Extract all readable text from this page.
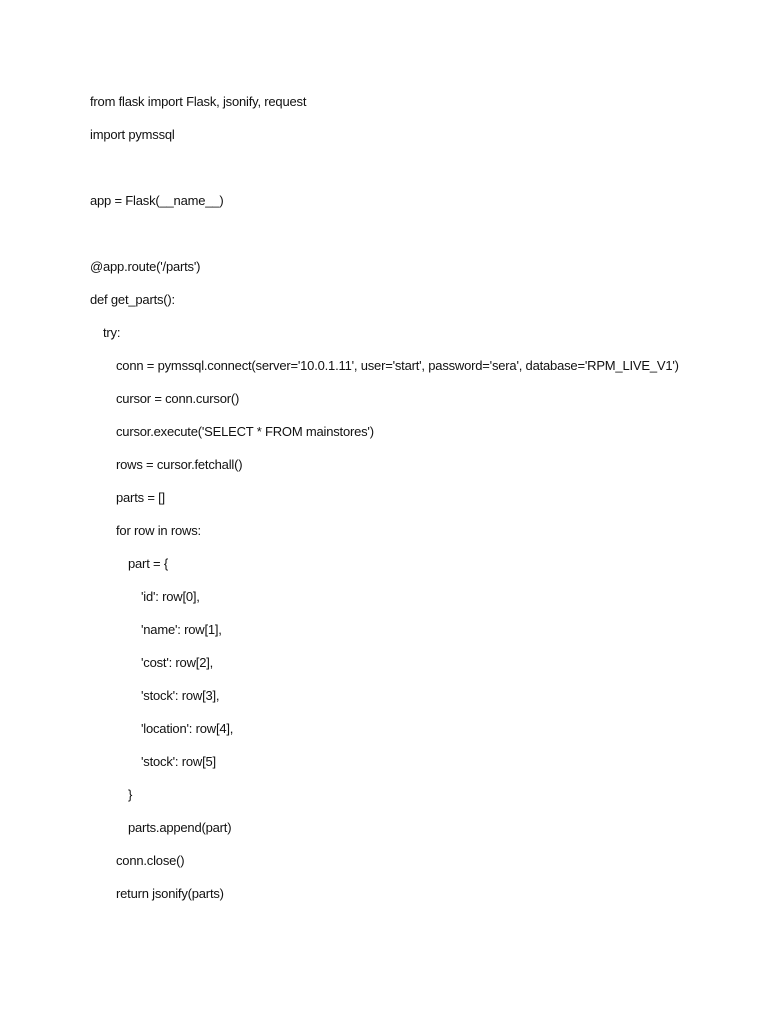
from flask import Flask, jsonify, request
import pymssql
app = Flask(__name__)
@app.route('/parts')
def get_parts():
try:
conn = pymssql.connect(server='10.0.1.11', user='start', password='sera', database='RPM_LIVE_V1')
cursor = conn.cursor()
cursor.execute('SELECT * FROM mainstores')
rows = cursor.fetchall()
parts = []
for row in rows:
part = {
'id': row[0],
'name': row[1],
'cost': row[2],
'stock': row[3],
'location': row[4],
'stock': row[5]
}
parts.append(part)
conn.close()
return jsonify(parts)
